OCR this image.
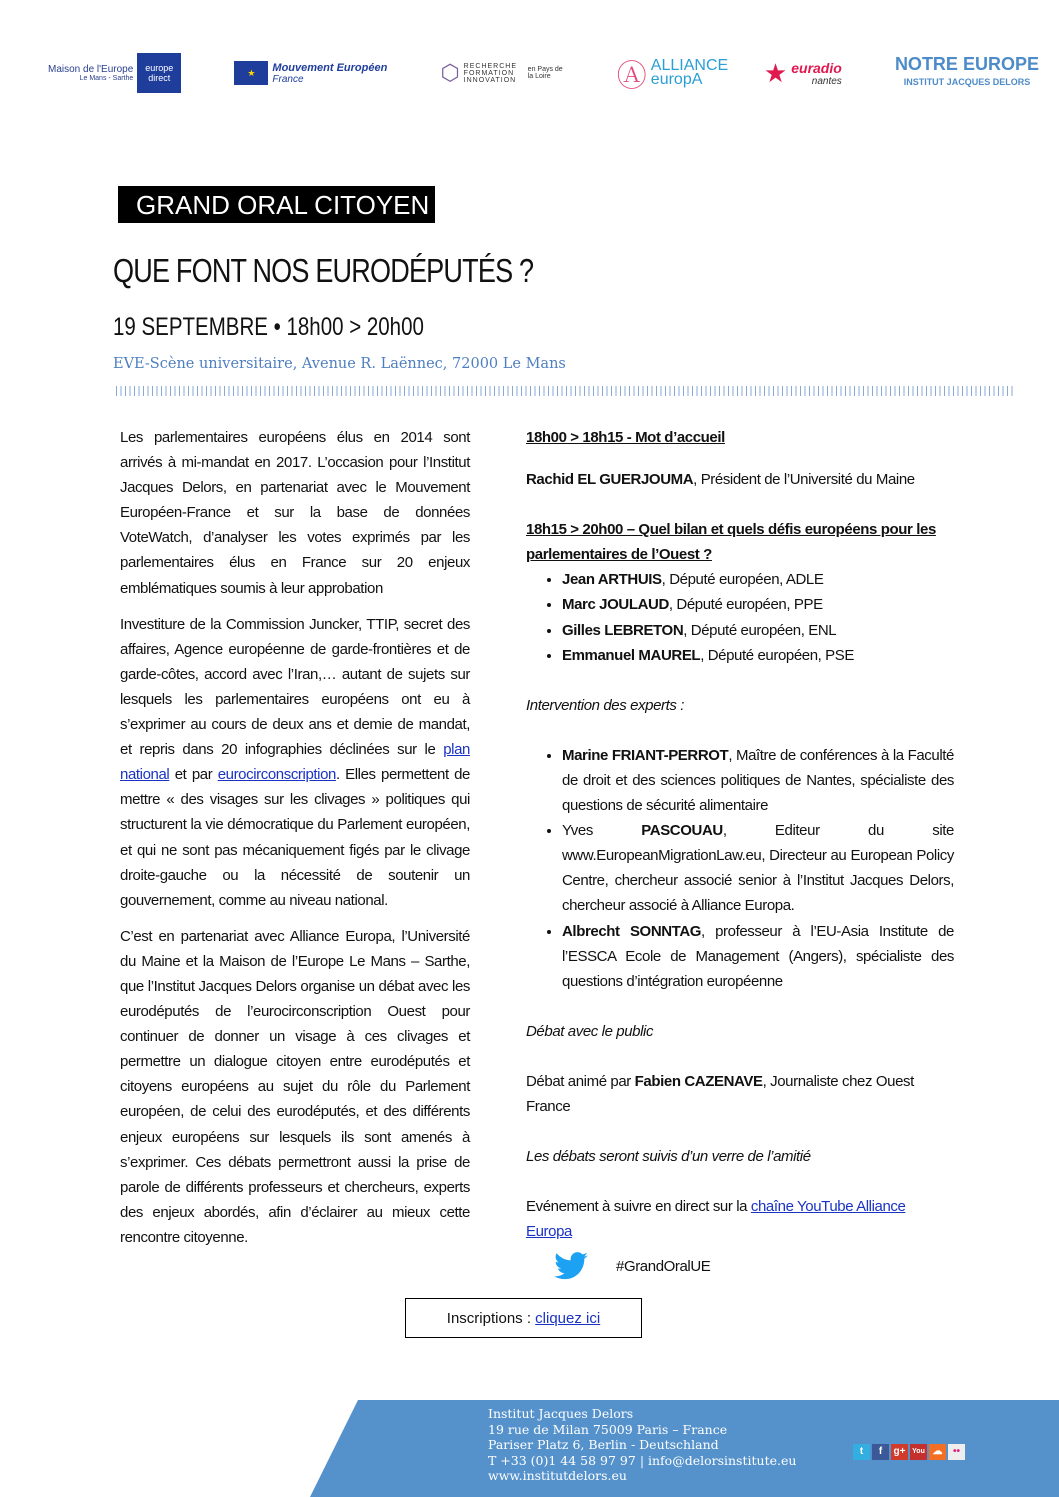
Maison de l'Europe
Le Mans - Sarthe
europe direct	★	Mouvement Européen
France	⬡ RECHERCHE FORMATION INNOVATION
en Pays de la Loire	Ⓐ ALLIANCE europA	★ euradio
nantes
NOTRE EUROPE
INSTITUT JACQUES DELORS
GRAND ORAL CITOYEN
QUE FONT NOS EURODÉPUTÉS ?
19 SEPTEMBRE • 18h00 > 20h00
EVE-Scène universitaire, Avenue R. Laënnec, 72000 Le Mans

Les parlementaires européens élus en 2014 sont arrivés à mi-mandat en 2017. L’occasion pour l’Institut Jacques Delors, en partenariat avec le Mouvement Européen-France et sur la base de données VoteWatch, d’analyser les votes exprimés par les parlementaires élus en France sur 20 enjeux emblématiques soumis à leur approbation

Investiture de la Commission Juncker, TTIP, secret des affaires, Agence européenne de garde-frontières et de garde-côtes, accord avec l’Iran,… autant de sujets sur lesquels les parlementaires européens ont eu à s’exprimer au cours de deux ans et demie de mandat, et repris dans 20 infographies déclinées sur le plan national et par eurocirconscription. Elles permettent de mettre « des visages sur les clivages » politiques qui structurent la vie démocratique du Parlement européen, et qui ne sont pas mécaniquement figés par le clivage droite-gauche ou la nécessité de soutenir un gouvernement, comme au niveau national.

C’est en partenariat avec Alliance Europa, l’Université du Maine et la Maison de l’Europe Le Mans – Sarthe, que l’Institut Jacques Delors organise un débat avec les eurodéputés de l’eurocirconscription Ouest pour continuer de donner un visage à ces clivages et permettre un dialogue citoyen entre eurodéputés et citoyens européens au sujet du rôle du Parlement européen, de celui des eurodéputés, et des différents enjeux européens sur lesquels ils sont amenés à s’exprimer. Ces débats permettront aussi la prise de parole de différents professeurs et chercheurs, experts des enjeux abordés, afin d’éclairer au mieux cette rencontre citoyenne.

18h00 > 18h15 - Mot d’accueil

Rachid EL GUERJOUMA, Président de l’Université du Maine

18h15 > 20h00 – Quel bilan et quels défis européens pour les parlementaires de l’Ouest ?

• Jean ARTHUIS, Député européen, ADLE
• Marc JOULAUD, Député européen, PPE
• Gilles LEBRETON, Député européen, ENL
• Emmanuel MAUREL, Député européen, PSE

Intervention des experts :

• Marine FRIANT-PERROT, Maître de conférences à la Faculté de droit et des sciences politiques de Nantes, spécialiste des questions de sécurité alimentaire
• Yves PASCOUAU, Editeur du site www.EuropeanMigrationLaw.eu, Directeur au European Policy Centre, chercheur associé senior à l’Institut Jacques Delors, chercheur associé à Alliance Europa.
• Albrecht SONNTAG, professeur à l’EU-Asia Institute de l’ESSCA Ecole de Management (Angers), spécialiste des questions d’intégration européenne

Débat avec le public

Débat animé par Fabien CAZENAVE, Journaliste chez Ouest France

Les débats seront suivis d’un verre de l’amitié

Evénement à suivre en direct sur la chaîne YouTube Alliance Europa

#GrandOralUE
Inscriptions :
cliquez ici
Institut Jacques Delors
19 rue de Milan 75009 Paris – France
Pariser Platz 6, Berlin - Deutschland
T +33 (0)1 44 58 97 97 | info@delorsinstitute.eu
www.institutdelors.eu
t	f	g+ You ☁	••
